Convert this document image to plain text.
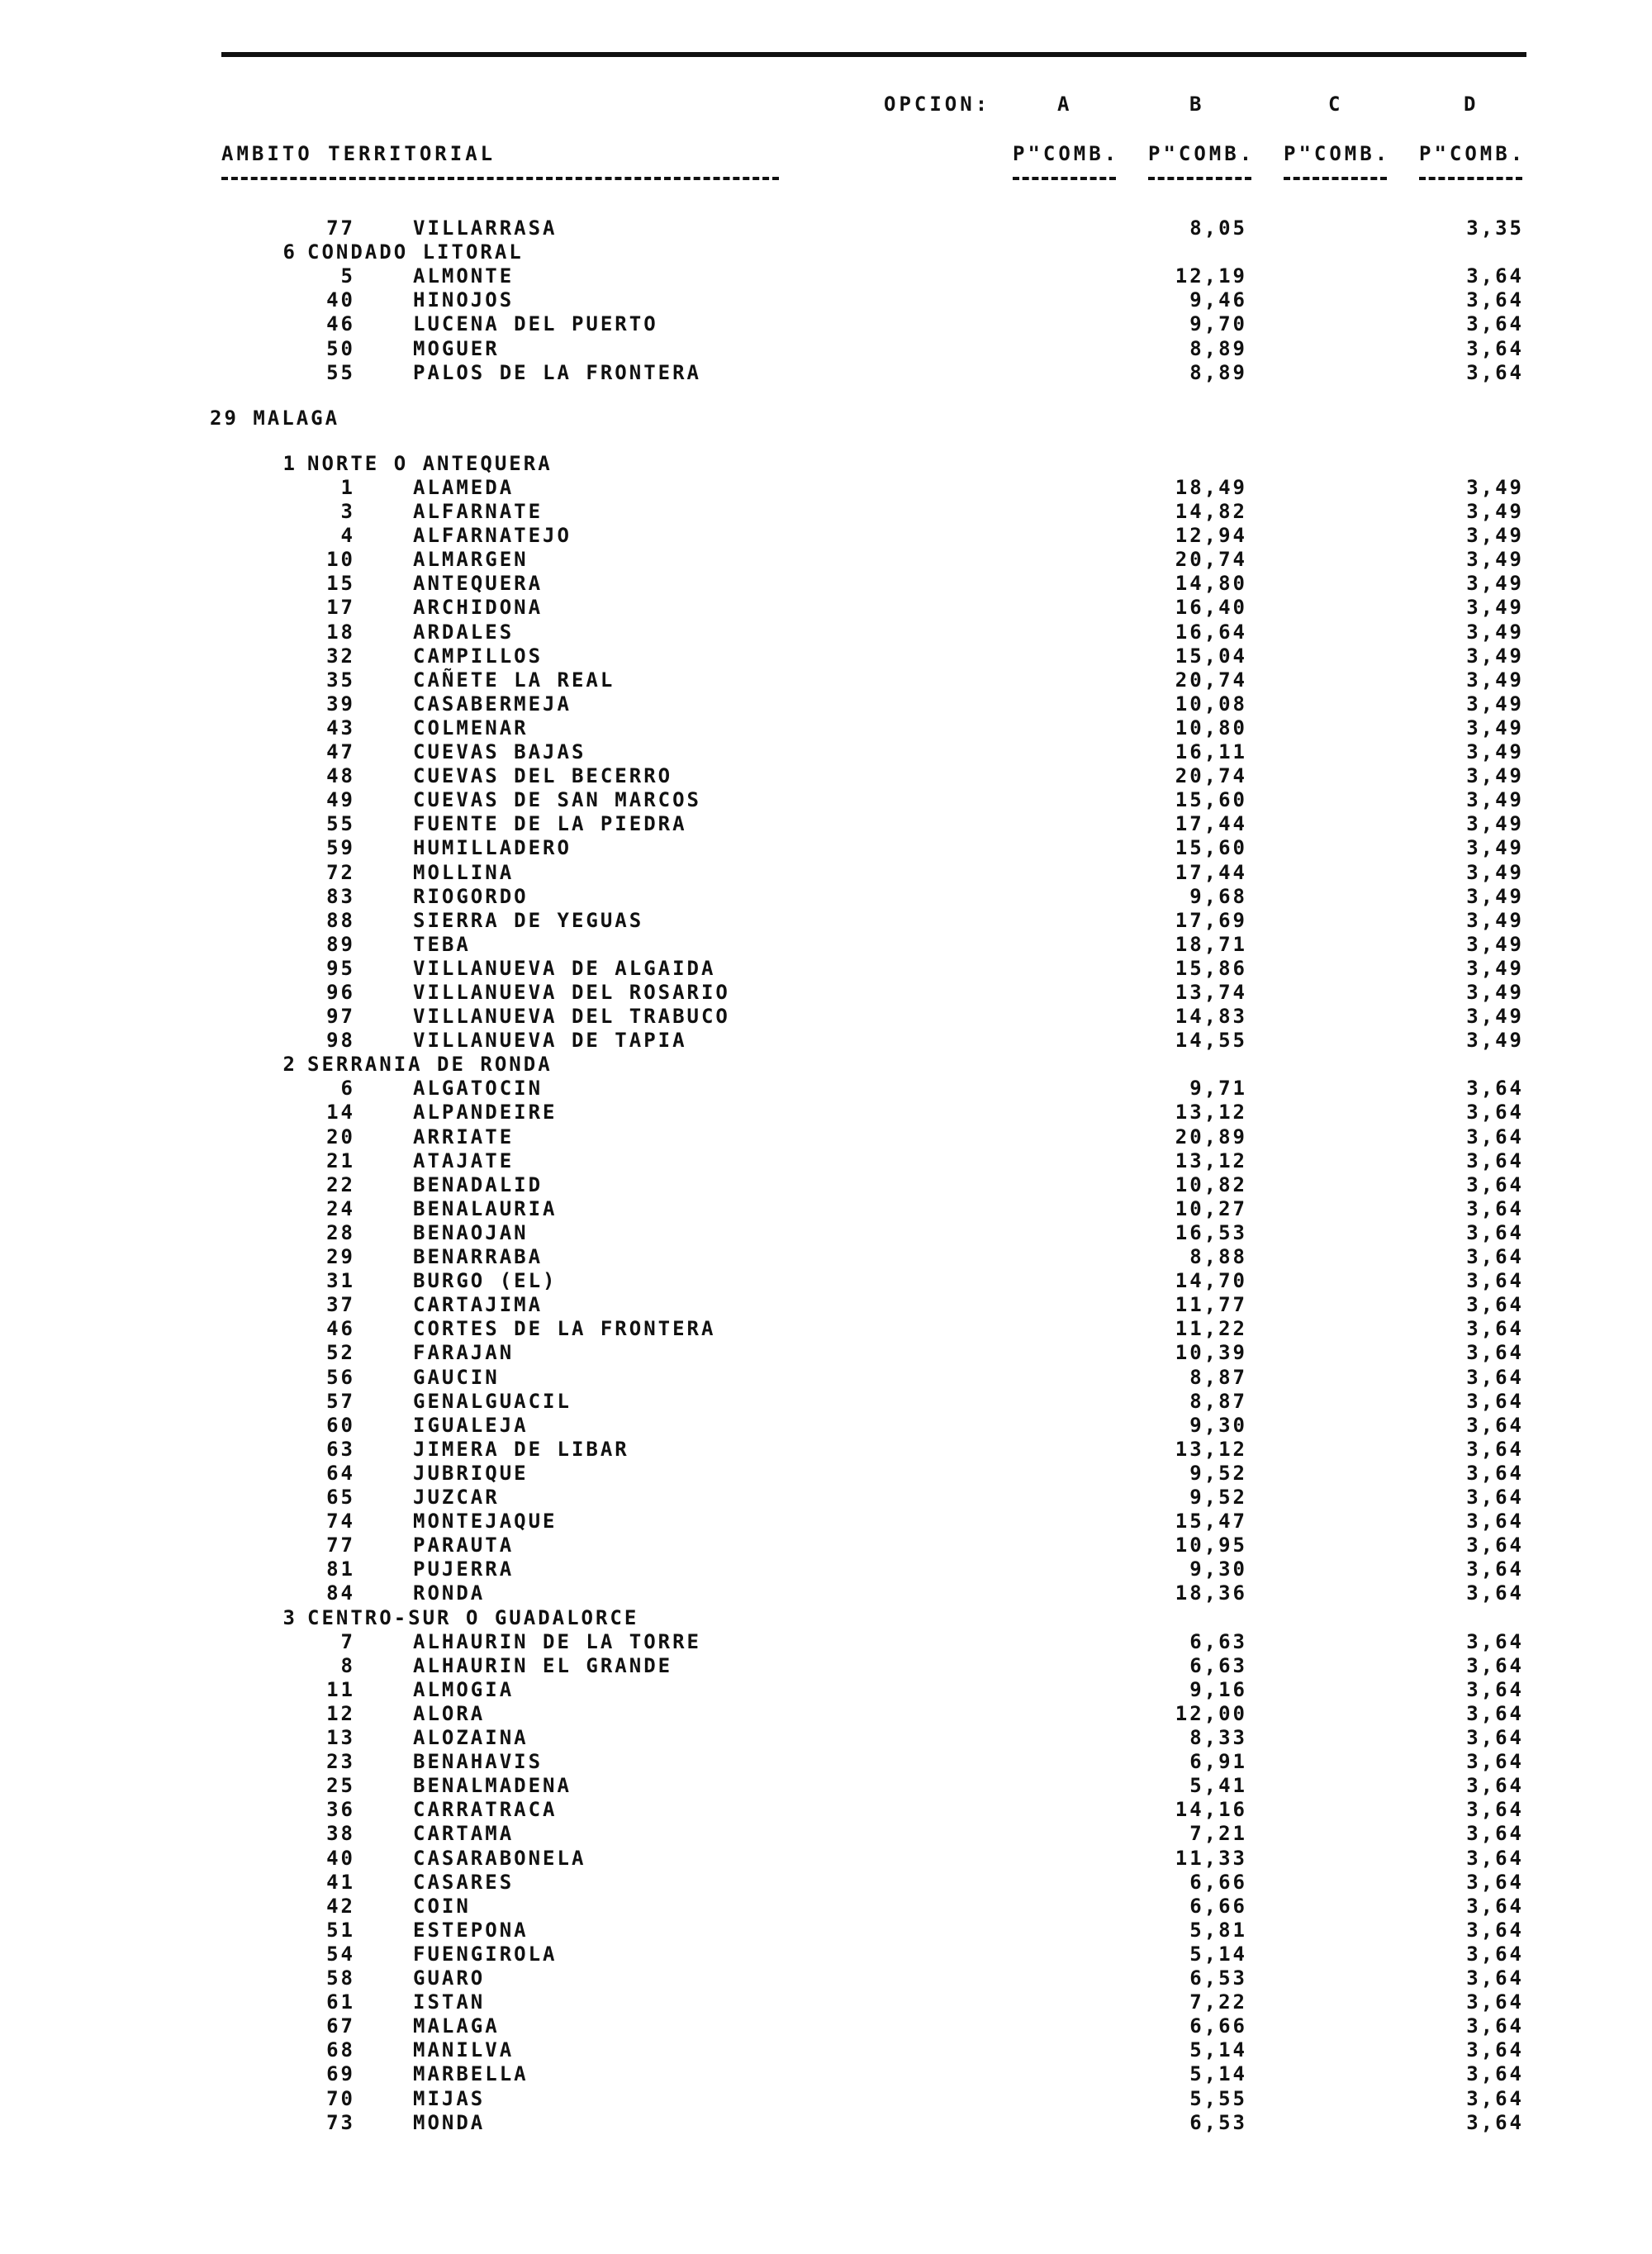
OPCION:	A	B	C	D
AMBITO TERRITORIAL	P"COMB. P"COMB. P"COMB. P"COMB.
77	VILLARRASA	8,05	3,35
6 CONDADO LITORAL
5	ALMONTE	12,19	3,64
40	HINOJOS	9,46	3,64
46	LUCENA DEL PUERTO	9,70	3,64
50	MOGUER	8,89	3,64
55	PALOS DE LA FRONTERA	8,89	3,64
29 MALAGA
1 NORTE O ANTEQUERA
1	ALAMEDA	18,49	3,49
3	ALFARNATE	14,82	3,49
4	ALFARNATEJO	12,94	3,49
10	ALMARGEN	20,74	3,49
15	ANTEQUERA	14,80	3,49
17	ARCHIDONA	16,40	3,49
18	ARDALES	16,64	3,49
32	CAMPILLOS	15,04	3,49
35	CAÑETE LA REAL	20,74	3,49
39	CASABERMEJA	10,08	3,49
43	COLMENAR	10,80	3,49
47	CUEVAS BAJAS	16,11	3,49
48	CUEVAS DEL BECERRO	20,74	3,49
49	CUEVAS DE SAN MARCOS	15,60	3,49
55	FUENTE DE LA PIEDRA	17,44	3,49
59	HUMILLADERO	15,60	3,49
72	MOLLINA	17,44	3,49
83	RIOGORDO	9,68	3,49
88	SIERRA DE YEGUAS	17,69	3,49
89	TEBA	18,71	3,49
95	VILLANUEVA DE ALGAIDA	15,86	3,49
96	VILLANUEVA DEL ROSARIO	13,74	3,49
97	VILLANUEVA DEL TRABUCO	14,83	3,49
98	VILLANUEVA DE TAPIA	14,55	3,49
2 SERRANIA DE RONDA
6	ALGATOCIN	9,71	3,64
14	ALPANDEIRE	13,12	3,64
20	ARRIATE	20,89	3,64
21	ATAJATE	13,12	3,64
22	BENADALID	10,82	3,64
24	BENALAURIA	10,27	3,64
28	BENAOJAN	16,53	3,64
29	BENARRABA	8,88	3,64
31	BURGO (EL)	14,70	3,64
37	CARTAJIMA	11,77	3,64
46	CORTES DE LA FRONTERA	11,22	3,64
52	FARAJAN	10,39	3,64
56	GAUCIN	8,87	3,64
57	GENALGUACIL	8,87	3,64
60	IGUALEJA	9,30	3,64
63	JIMERA DE LIBAR	13,12	3,64
64	JUBRIQUE	9,52	3,64
65	JUZCAR	9,52	3,64
74	MONTEJAQUE	15,47	3,64
77	PARAUTA	10,95	3,64
81	PUJERRA	9,30	3,64
84	RONDA	18,36	3,64
3 CENTRO-SUR O GUADALORCE
7	ALHAURIN DE LA TORRE	6,63	3,64
8	ALHAURIN EL GRANDE	6,63	3,64
11	ALMOGIA	9,16	3,64
12	ALORA	12,00	3,64
13	ALOZAINA	8,33	3,64
23	BENAHAVIS	6,91	3,64
25	BENALMADENA	5,41	3,64
36	CARRATRACA	14,16	3,64
38	CARTAMA	7,21	3,64
40	CASARABONELA	11,33	3,64
41	CASARES	6,66	3,64
42	COIN	6,66	3,64
51	ESTEPONA	5,81	3,64
54	FUENGIROLA	5,14	3,64
58	GUARO	6,53	3,64
61	ISTAN	7,22	3,64
67	MALAGA	6,66	3,64
68	MANILVA	5,14	3,64
69	MARBELLA	5,14	3,64
70	MIJAS	5,55	3,64
73	MONDA	6,53	3,64
